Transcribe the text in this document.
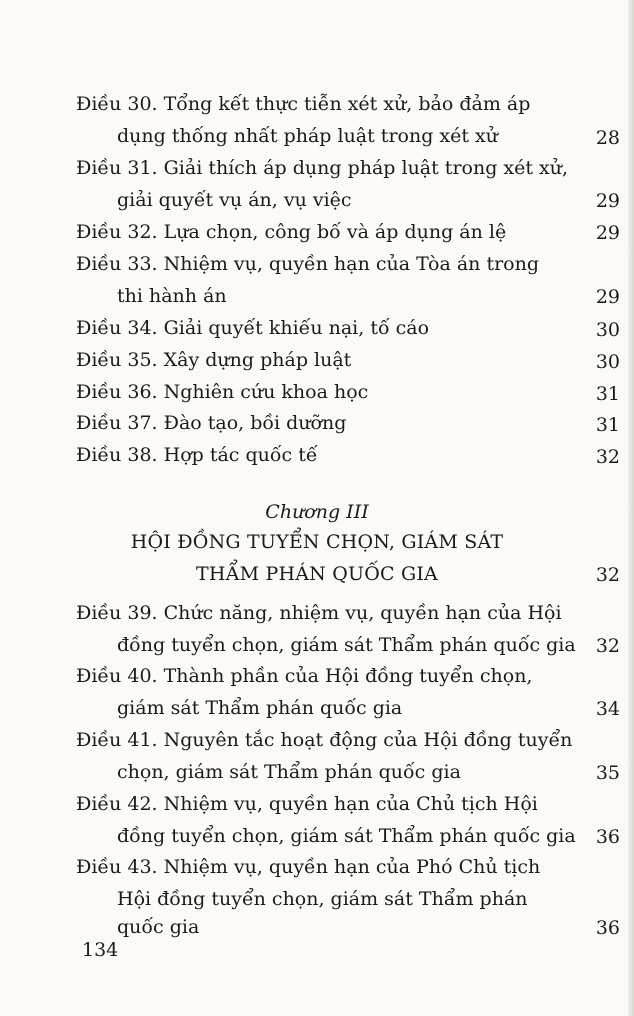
Điều 30. Tổng kết thực tiễn xét xử, bảo đảm áp
dụng thống nhất pháp luật trong xét xử	28
Điều 31. Giải thích áp dụng pháp luật trong xét xử,
giải quyết vụ án, vụ việc	29
Điều 32. Lựa chọn, công bố và áp dụng án lệ	29
Điều 33. Nhiệm vụ, quyền hạn của Tòa án trong
thi hành án	29
Điều 34. Giải quyết khiếu nại, tố cáo	30
Điều 35. Xây dựng pháp luật	30
Điều 36. Nghiên cứu khoa học	31
Điều 37. Đào tạo, bồi dưỡng	31
Điều 38. Hợp tác quốc tế	32
Chương III
HỘI ĐỒNG TUYỂN CHỌN, GIÁM SÁT
THẨM PHÁN QUỐC GIA	32
Điều 39. Chức năng, nhiệm vụ, quyền hạn của Hội
đồng tuyển chọn, giám sát Thẩm phán quốc gia 32
Điều 40. Thành phần của Hội đồng tuyển chọn,
giám sát Thẩm phán quốc gia	34
Điều 41. Nguyên tắc hoạt động của Hội đồng tuyển
chọn, giám sát Thẩm phán quốc gia	35
Điều 42. Nhiệm vụ, quyền hạn của Chủ tịch Hội
đồng tuyển chọn, giám sát Thẩm phán quốc gia 36
Điều 43. Nhiệm vụ, quyền hạn của Phó Chủ tịch
Hội đồng tuyển chọn, giám sát Thẩm phán
quốc gia	36
134
